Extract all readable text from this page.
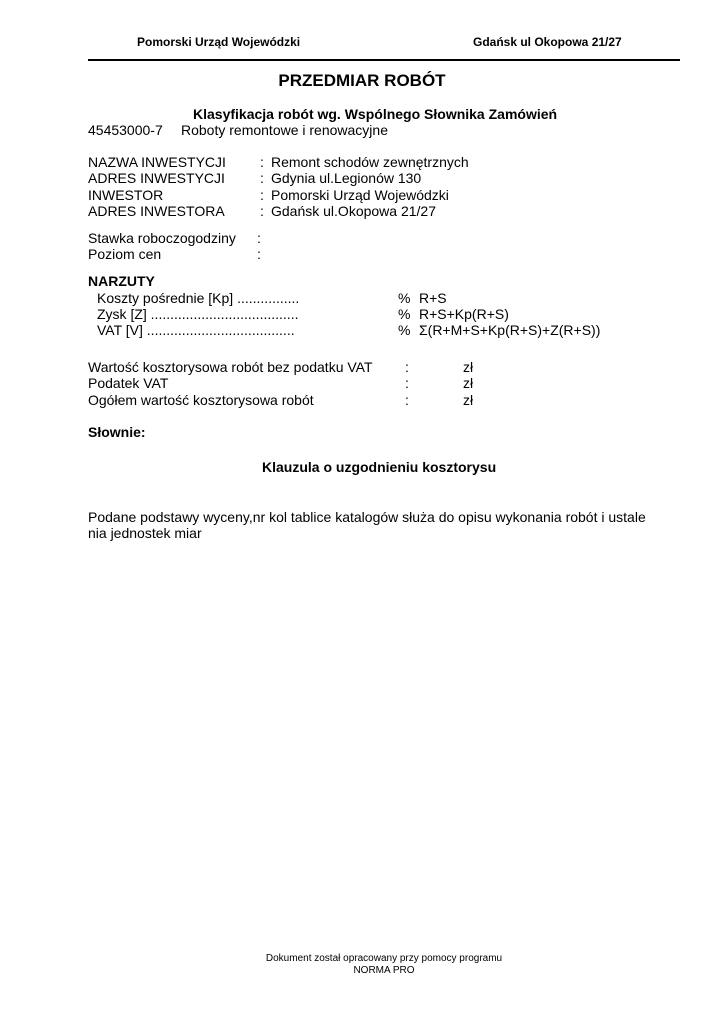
Pomorski Urząd Wojewódzki	Gdańsk ul Okopowa 21/27
PRZEDMIAR ROBÓT
Klasyfikacja robót wg. Wspólnego Słownika Zamówień
45453000-7 Roboty remontowe i renowacyjne
NAZWA INWESTYCJI : Remont schodów zewnętrznych
ADRES INWESTYCJI	: Gdynia ul.Legionów 130
INWESTOR	: Pomorski Urząd Wojewódzki
ADRES INWESTORA	: Gdańsk ul.Okopowa 21/27
Stawka roboczogodziny :
Poziom cen	:
NARZUTY
Koszty pośrednie [Kp] ................	% R+S
Zysk [Z] ......................................	% R+S+Kp(R+S)
VAT [V] ......................................	% Σ(R+M+S+Kp(R+S)+Z(R+S))
Wartość kosztorysowa robót bez podatku VAT :	zł
Podatek VAT	:	zł
Ogółem wartość kosztorysowa robót	:	zł
Słownie:
Klauzula o uzgodnieniu kosztorysu
Podane podstawy wyceny,nr kol tablice katalogów służa do opisu wykonania robót i ustale
nia jednostek miar
Dokument został opracowany przy pomocy programu
NORMA PRO
